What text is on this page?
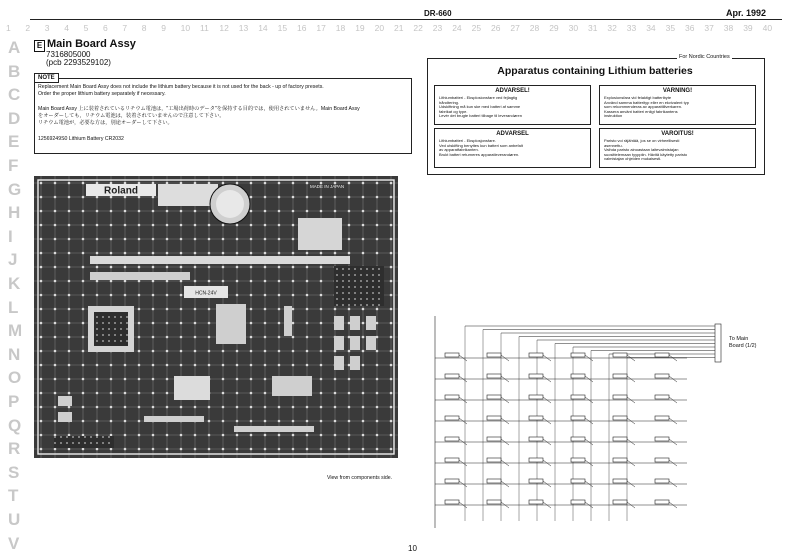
DR-660	Apr. 1992
1 2 3 4 5 6 7 8 9 10 11 12 13 14 15 16 17 18 19 20 21 22 23 24 25 26 27 28 29 30 31 32 33 34 35 36 37 38 39 40
A
B
C
D
E
F
G
H
I
J
K
L
M
N
O
P
Q
R
S
T
U
V
E Main Board Assy
7316805000
(pcb 2293529102)
Replacement Main Board Assy does not include the lithium battery because it is not used for the back - up of factory presets.
Order the proper lithium battery separately if necessary.
Main Board Assy 上に装着されているリチウム電池は，"工場出荷時のデータ"を保持する目的では，使用されていません。Main Board Assy
をオーダーしても，リチウム電池は，装着されていませんので注意して下さい。
リチウム電池が，必要な方は，別途オーダーして下さい。
12569249S0 Lithium Battery CR2032
NOTE
For Nordic Countries
Apparatus containing Lithium batteries
ADVARSEL!
Lithiumbatteri - Eksplosionsfare ved fejlagtig
håndtering.
Udskiftning må kun ske med batteri af samme
fabrikat og type.
Levér det brugte batteri tilbage til leverandøren
VARNING!
Explosionsfara vid felaktigt batteribyte
Använd samma batterityp eller en ekvivalent typ
som rekommenderas av apparattillverkaren.
Kassera använt batteri enligt fabrikantens
instruktion
ADVARSEL
Lithiumbatteri - Eksplosjonsfare.
Ved utskifting benyttes kun batteri som anbefalt
av apparatfabrikanten.
Brukt batteri returneres apparatleverandøren.
VAROITUS!
Paristo voi räjähtää, jos se on virheellisesti
asennettu.
Vaihda paristo ainoastaan laitevalmistajan
suosittelemaan tyyppiin. Hävitä käytetty paristo
valmistajan ohjeiden mukaisesti.
Roland	MADE IN JAPAN
HCN-24V
View from components side.
To Main
Board (1/2)
10
